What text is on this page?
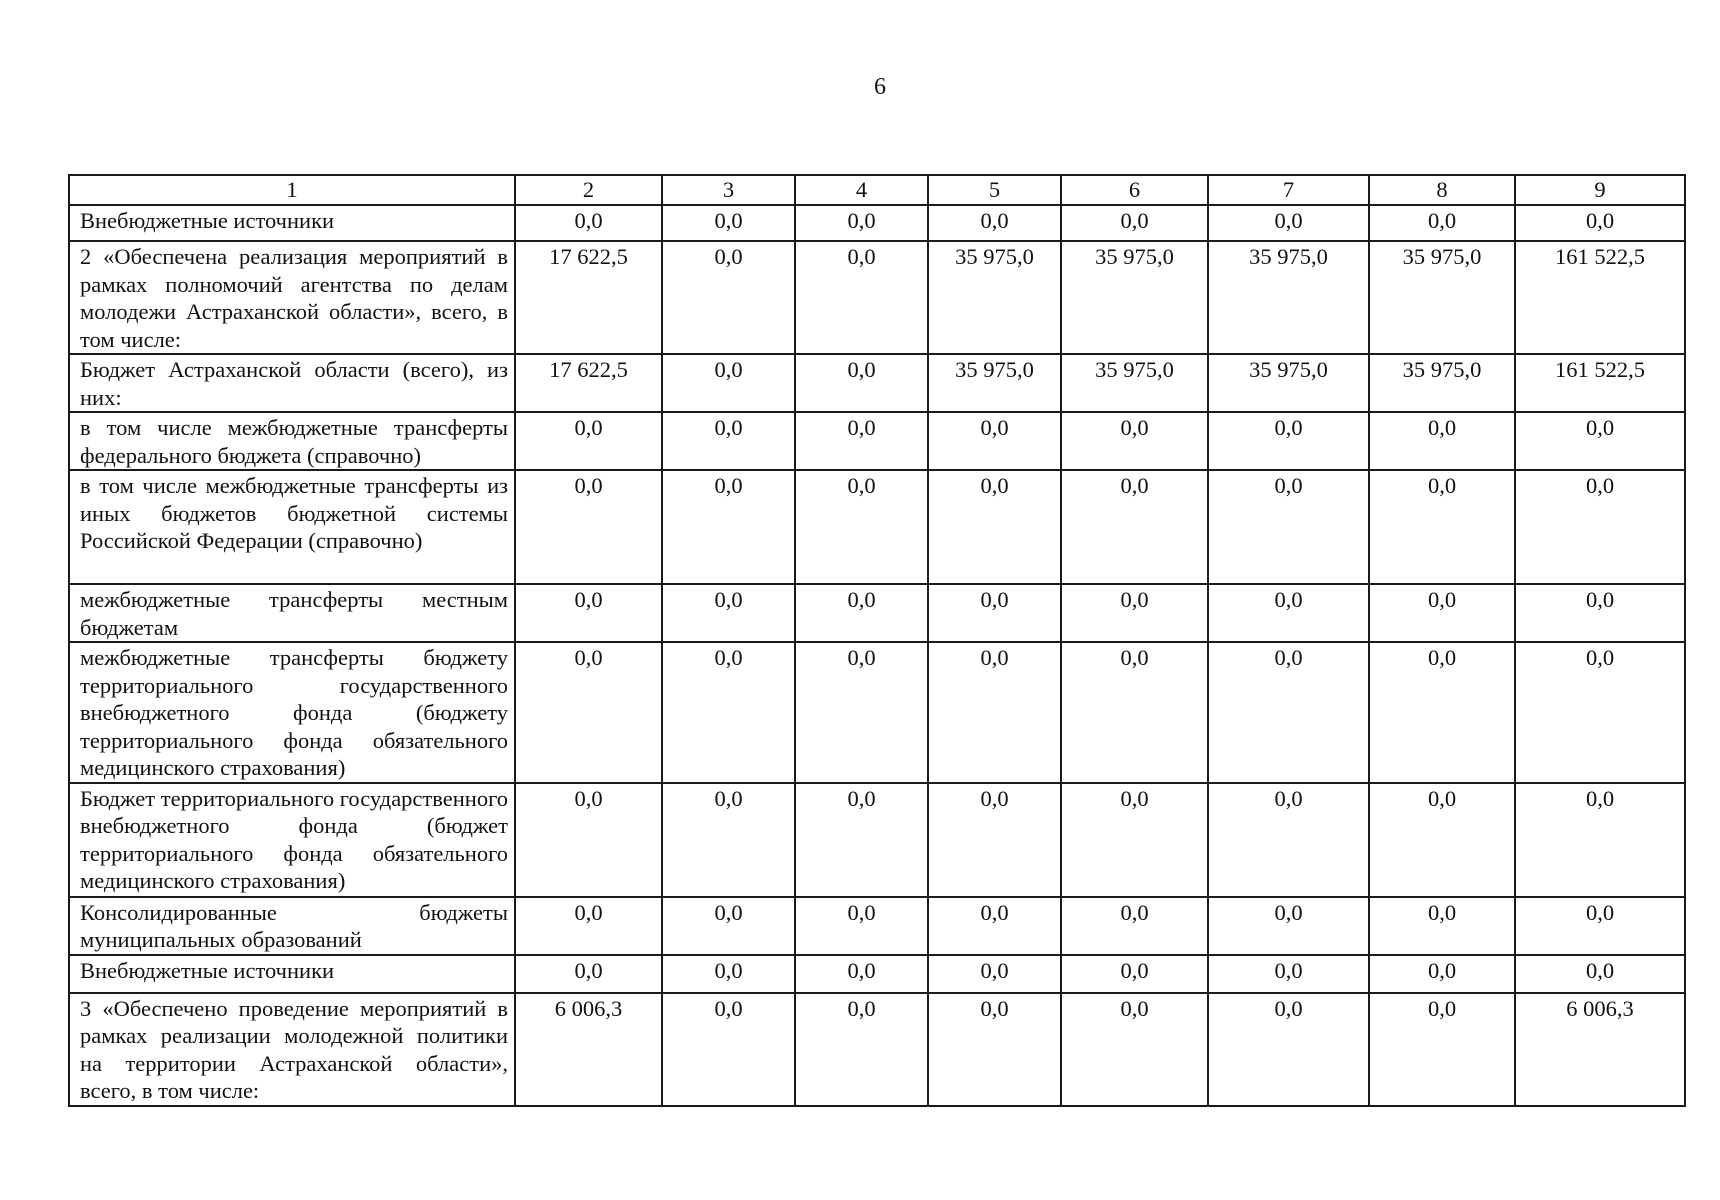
6
1	2	3	4	5	6	7	8	9
Внебюджетные источники	0,0	0,0	0,0	0,0	0,0	0,0	0,0	0,0
2 «Обеспечена реализация мероприятий в рамках полномочий агентства по делам молодежи Астраханской области», всего, в том числе:	17 622,5	0,0	0,0	35 975,0	35 975,0	35 975,0	35 975,0	161 522,5
Бюджет Астраханской области (всего), из них:	17 622,5	0,0	0,0	35 975,0	35 975,0	35 975,0	35 975,0	161 522,5
в том числе межбюджетные трансферты федерального бюджета (справочно)	0,0	0,0	0,0	0,0	0,0	0,0	0,0	0,0
в том числе межбюджетные трансферты из иных бюджетов бюджетной системы Российской Федерации (справочно)	0,0	0,0	0,0	0,0	0,0	0,0	0,0	0,0
межбюджетные трансферты местным бюджетам	0,0	0,0	0,0	0,0	0,0	0,0	0,0	0,0
межбюджетные трансферты бюджету территориального государственного внебюджетного фонда (бюджету территориального фонда обязательного медицинского страхования)	0,0	0,0	0,0	0,0	0,0	0,0	0,0	0,0
Бюджет территориального государственного внебюджетного фонда (бюджет территориального фонда обязательного медицинского страхования)	0,0	0,0	0,0	0,0	0,0	0,0	0,0	0,0
Консолидированные бюджеты муниципальных образований	0,0	0,0	0,0	0,0	0,0	0,0	0,0	0,0
Внебюджетные источники	0,0	0,0	0,0	0,0	0,0	0,0	0,0	0,0
3 «Обеспечено проведение мероприятий в рамках реализации молодежной политики на территории Астраханской области», всего, в том числе:	6 006,3	0,0	0,0	0,0	0,0	0,0	0,0	6 006,3
